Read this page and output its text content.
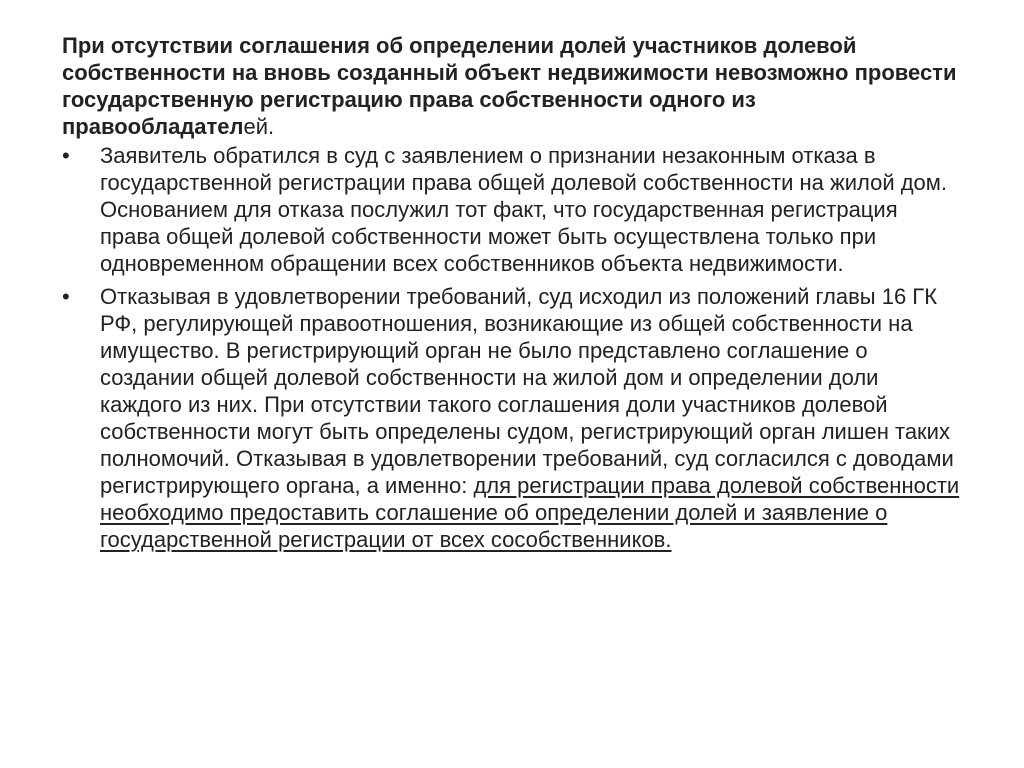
При отсутствии соглашения об определении долей участников долевой собственности на вновь созданный объект недвижимости невозможно провести государственную регистрацию права собственности одного из правообладателей.

•	Заявитель обратился в суд с заявлением о признании незаконным отказа в государственной регистрации права общей долевой собственности на жилой дом. Основанием для отказа послужил тот факт, что государственная регистрация права общей долевой собственности может быть осуществлена только при одновременном обращении всех собственников объекта недвижимости.
•	Отказывая в удовлетворении требований, суд исходил из положений главы 16 ГК РФ, регулирующей правоотношения, возникающие из общей собственности на имущество. В регистрирующий орган не было представлено соглашение о создании общей долевой собственности на жилой дом и определении доли каждого из них. При отсутствии такого соглашения доли участников долевой собственности могут быть определены судом, регистрирующий орган лишен таких полномочий. Отказывая в удовлетворении требований, суд согласился с доводами регистрирующего органа, а именно: для регистрации права долевой собственности необходимо предоставить соглашение об определении долей и заявление о государственной регистрации от всех сособственников.
